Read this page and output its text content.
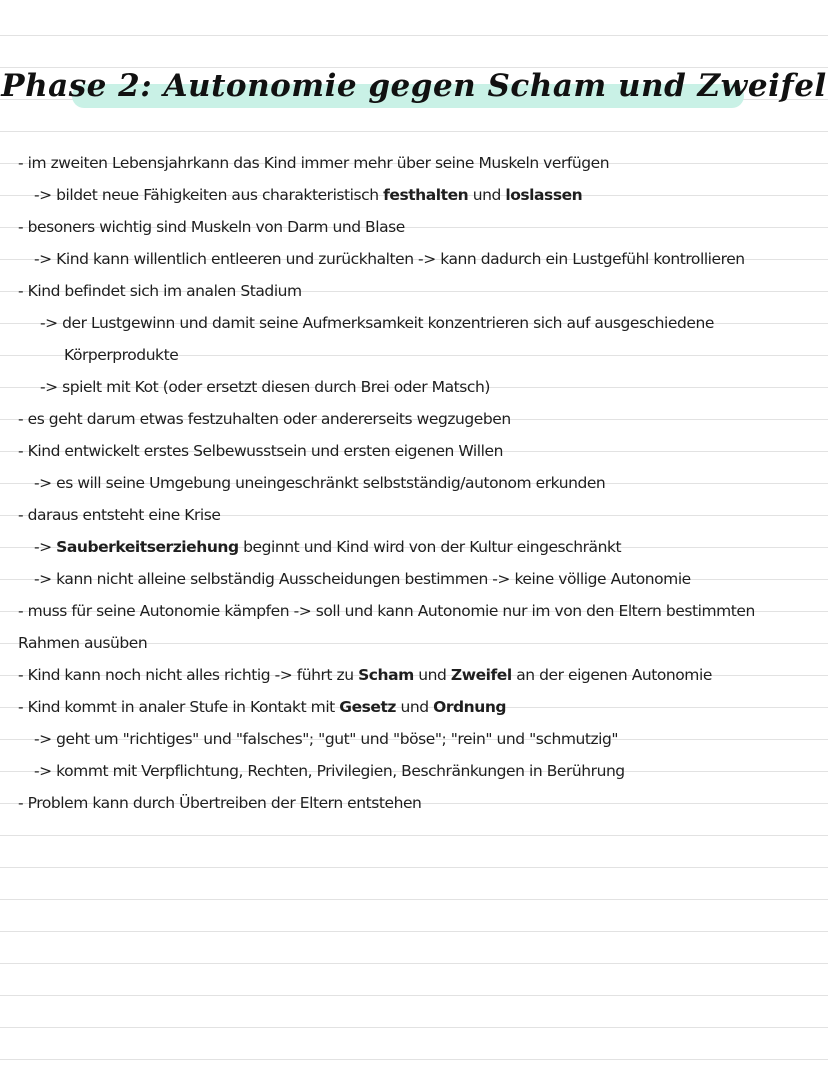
Phase 2: Autonomie gegen Scham und Zweifel
- im zweiten Lebensjahrkann das Kind immer mehr über seine Muskeln verfügen
-> bildet neue Fähigkeiten aus charakteristisch festhalten und loslassen
- besoners wichtig sind Muskeln von Darm und Blase
-> Kind kann willentlich entleeren und zurückhalten -> kann dadurch ein Lustgefühl kontrollieren
- Kind befindet sich im analen Stadium
-> der Lustgewinn und damit seine Aufmerksamkeit konzentrieren sich auf ausgeschiedene
Körperprodukte
-> spielt mit Kot (oder ersetzt diesen durch Brei oder Matsch)
- es geht darum etwas festzuhalten oder andererseits wegzugeben
- Kind entwickelt erstes Selbewusstsein und ersten eigenen Willen
-> es will seine Umgebung uneingeschränkt selbstständig/autonom erkunden
- daraus entsteht eine Krise
-> Sauberkeitserziehung beginnt und Kind wird von der Kultur eingeschränkt
-> kann nicht alleine selbständig Ausscheidungen bestimmen -> keine völlige Autonomie
- muss für seine Autonomie kämpfen -> soll und kann Autonomie nur im von den Eltern bestimmten
Rahmen ausüben
- Kind kann noch nicht alles richtig -> führt zu Scham und Zweifel an der eigenen Autonomie
- Kind kommt in analer Stufe in Kontakt mit Gesetz und Ordnung
-> geht um "richtiges" und "falsches"; "gut" und "böse"; "rein" und "schmutzig"
-> kommt mit Verpflichtung, Rechten, Privilegien, Beschränkungen in Berührung
- Problem kann durch Übertreiben der Eltern entstehen
